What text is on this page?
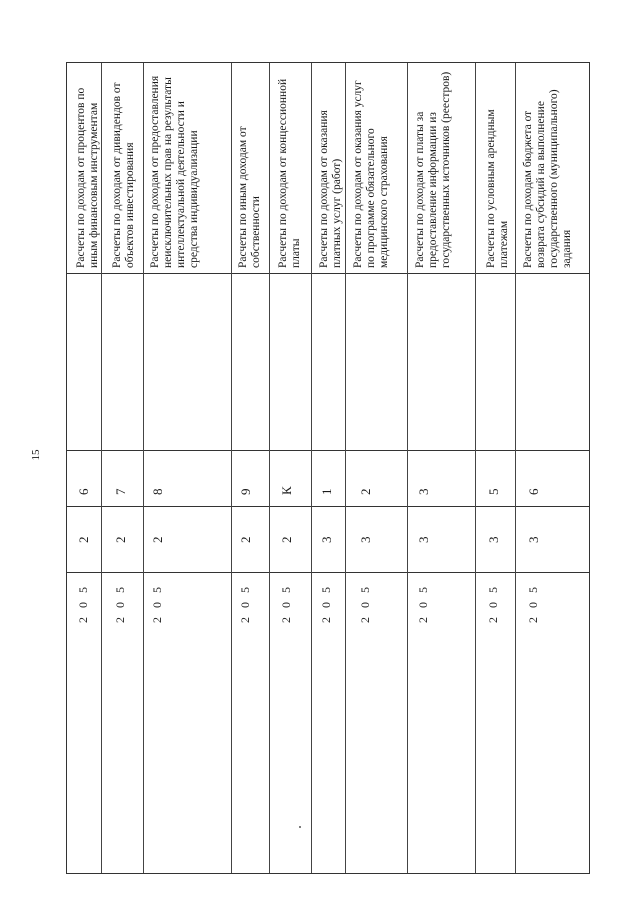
15
Расчеты по доходам от процентов по иным финансовым инструментам
2 0 5
2
6
Расчеты по доходам от дивидендов от объектов инвестирования
2 0 5
2
7
Расчеты по доходам от предоставления неисключительных прав на результаты интеллектуальной деятельности и средства индивидуализации
2 0 5
2
8
Расчеты по иным доходам от собственности
2 0 5
2
9
Расчеты по доходам от концессионной платы
2 0 5
2
К
Расчеты по доходам от оказания платных услуг (работ)
2 0 5
3
1
Расчеты по доходам от оказания услуг по программе обязательного медицинского страхования
2 0 5
3
2
Расчеты по доходам от платы за предоставление информации из государственных источников (реестров)
2 0 5
3
3
Расчеты по условным арендным платежам
2 0 5
3
5
Расчеты по доходам бюджета от возврата субсидий на выполнение государственного (муниципального) задания
2 0 5
3
6
